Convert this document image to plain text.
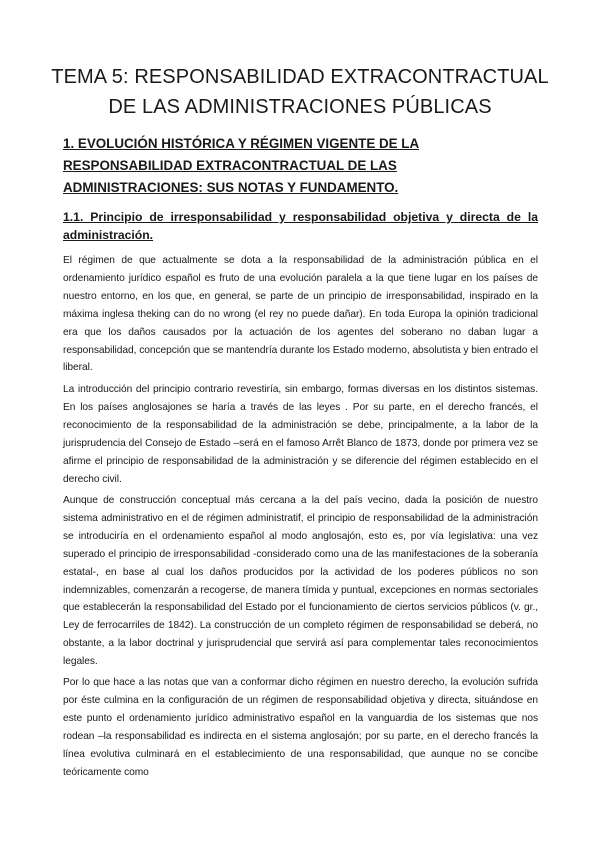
TEMA 5: RESPONSABILIDAD EXTRACONTRACTUAL DE LAS ADMINISTRACIONES PÚBLICAS
1. EVOLUCIÓN HISTÓRICA Y RÉGIMEN VIGENTE DE LA RESPONSABILIDAD EXTRACONTRACTUAL DE LAS ADMINISTRACIONES: SUS NOTAS Y FUNDAMENTO.
1.1. Principio de irresponsabilidad y responsabilidad objetiva y directa de la administración.

El régimen de que actualmente se dota a la responsabilidad de la administración pública en el ordenamiento jurídico español es fruto de una evolución paralela a la que tiene lugar en los países de nuestro entorno, en los que, en general, se parte de un principio de irresponsabilidad, inspirado en la máxima inglesa theking can do no wrong (el rey no puede dañar). En toda Europa la opinión tradicional era que los daños causados por la actuación de los agentes del soberano no daban lugar a responsabilidad, concepción que se mantendría durante los Estado moderno, absolutista y bien entrado el liberal.

La introducción del principio contrario revestiría, sin embargo, formas diversas en los distintos sistemas. En los países anglosajones se haría a través de las leyes . Por su parte, en el derecho francés, el reconocimiento de la responsabilidad de la administración se debe, principalmente, a la labor de la jurisprudencia del Consejo de Estado –será en el famoso Arrêt Blanco de 1873, donde por primera vez se afirme el principio de responsabilidad de la administración y se diferencie del régimen establecido en el derecho civil.

Aunque de construcción conceptual más cercana a la del país vecino, dada la posición de nuestro sistema administrativo en el de régimen administratif, el principio de responsabilidad de la administración se introduciría en el ordenamiento español al modo anglosajón, esto es, por vía legislativa: una vez superado el principio de irresponsabilidad -considerado como una de las manifestaciones de la soberanía estatal-, en base al cual los daños producidos por la actividad de los poderes públicos no son indemnizables, comenzarán a recogerse, de manera tímida y puntual, excepciones en normas sectoriales que establecerán la responsabilidad del Estado por el funcionamiento de ciertos servicios públicos (v. gr., Ley de ferrocarriles de 1842). La construcción de un completo régimen de responsabilidad se deberá, no obstante, a la labor doctrinal y jurisprudencial que servirá así para complementar tales reconocimientos legales.

Por lo que hace a las notas que van a conformar dicho régimen en nuestro derecho, la evolución sufrida por éste culmina en la configuración de un régimen de responsabilidad objetiva y directa, situándose en este punto el ordenamiento jurídico administrativo español en la vanguardia de los sistemas que nos rodean –la responsabilidad es indirecta en el sistema anglosajón; por su parte, en el derecho francés la línea evolutiva culminará en el establecimiento de una responsabilidad, que aunque no se concibe teóricamente como
